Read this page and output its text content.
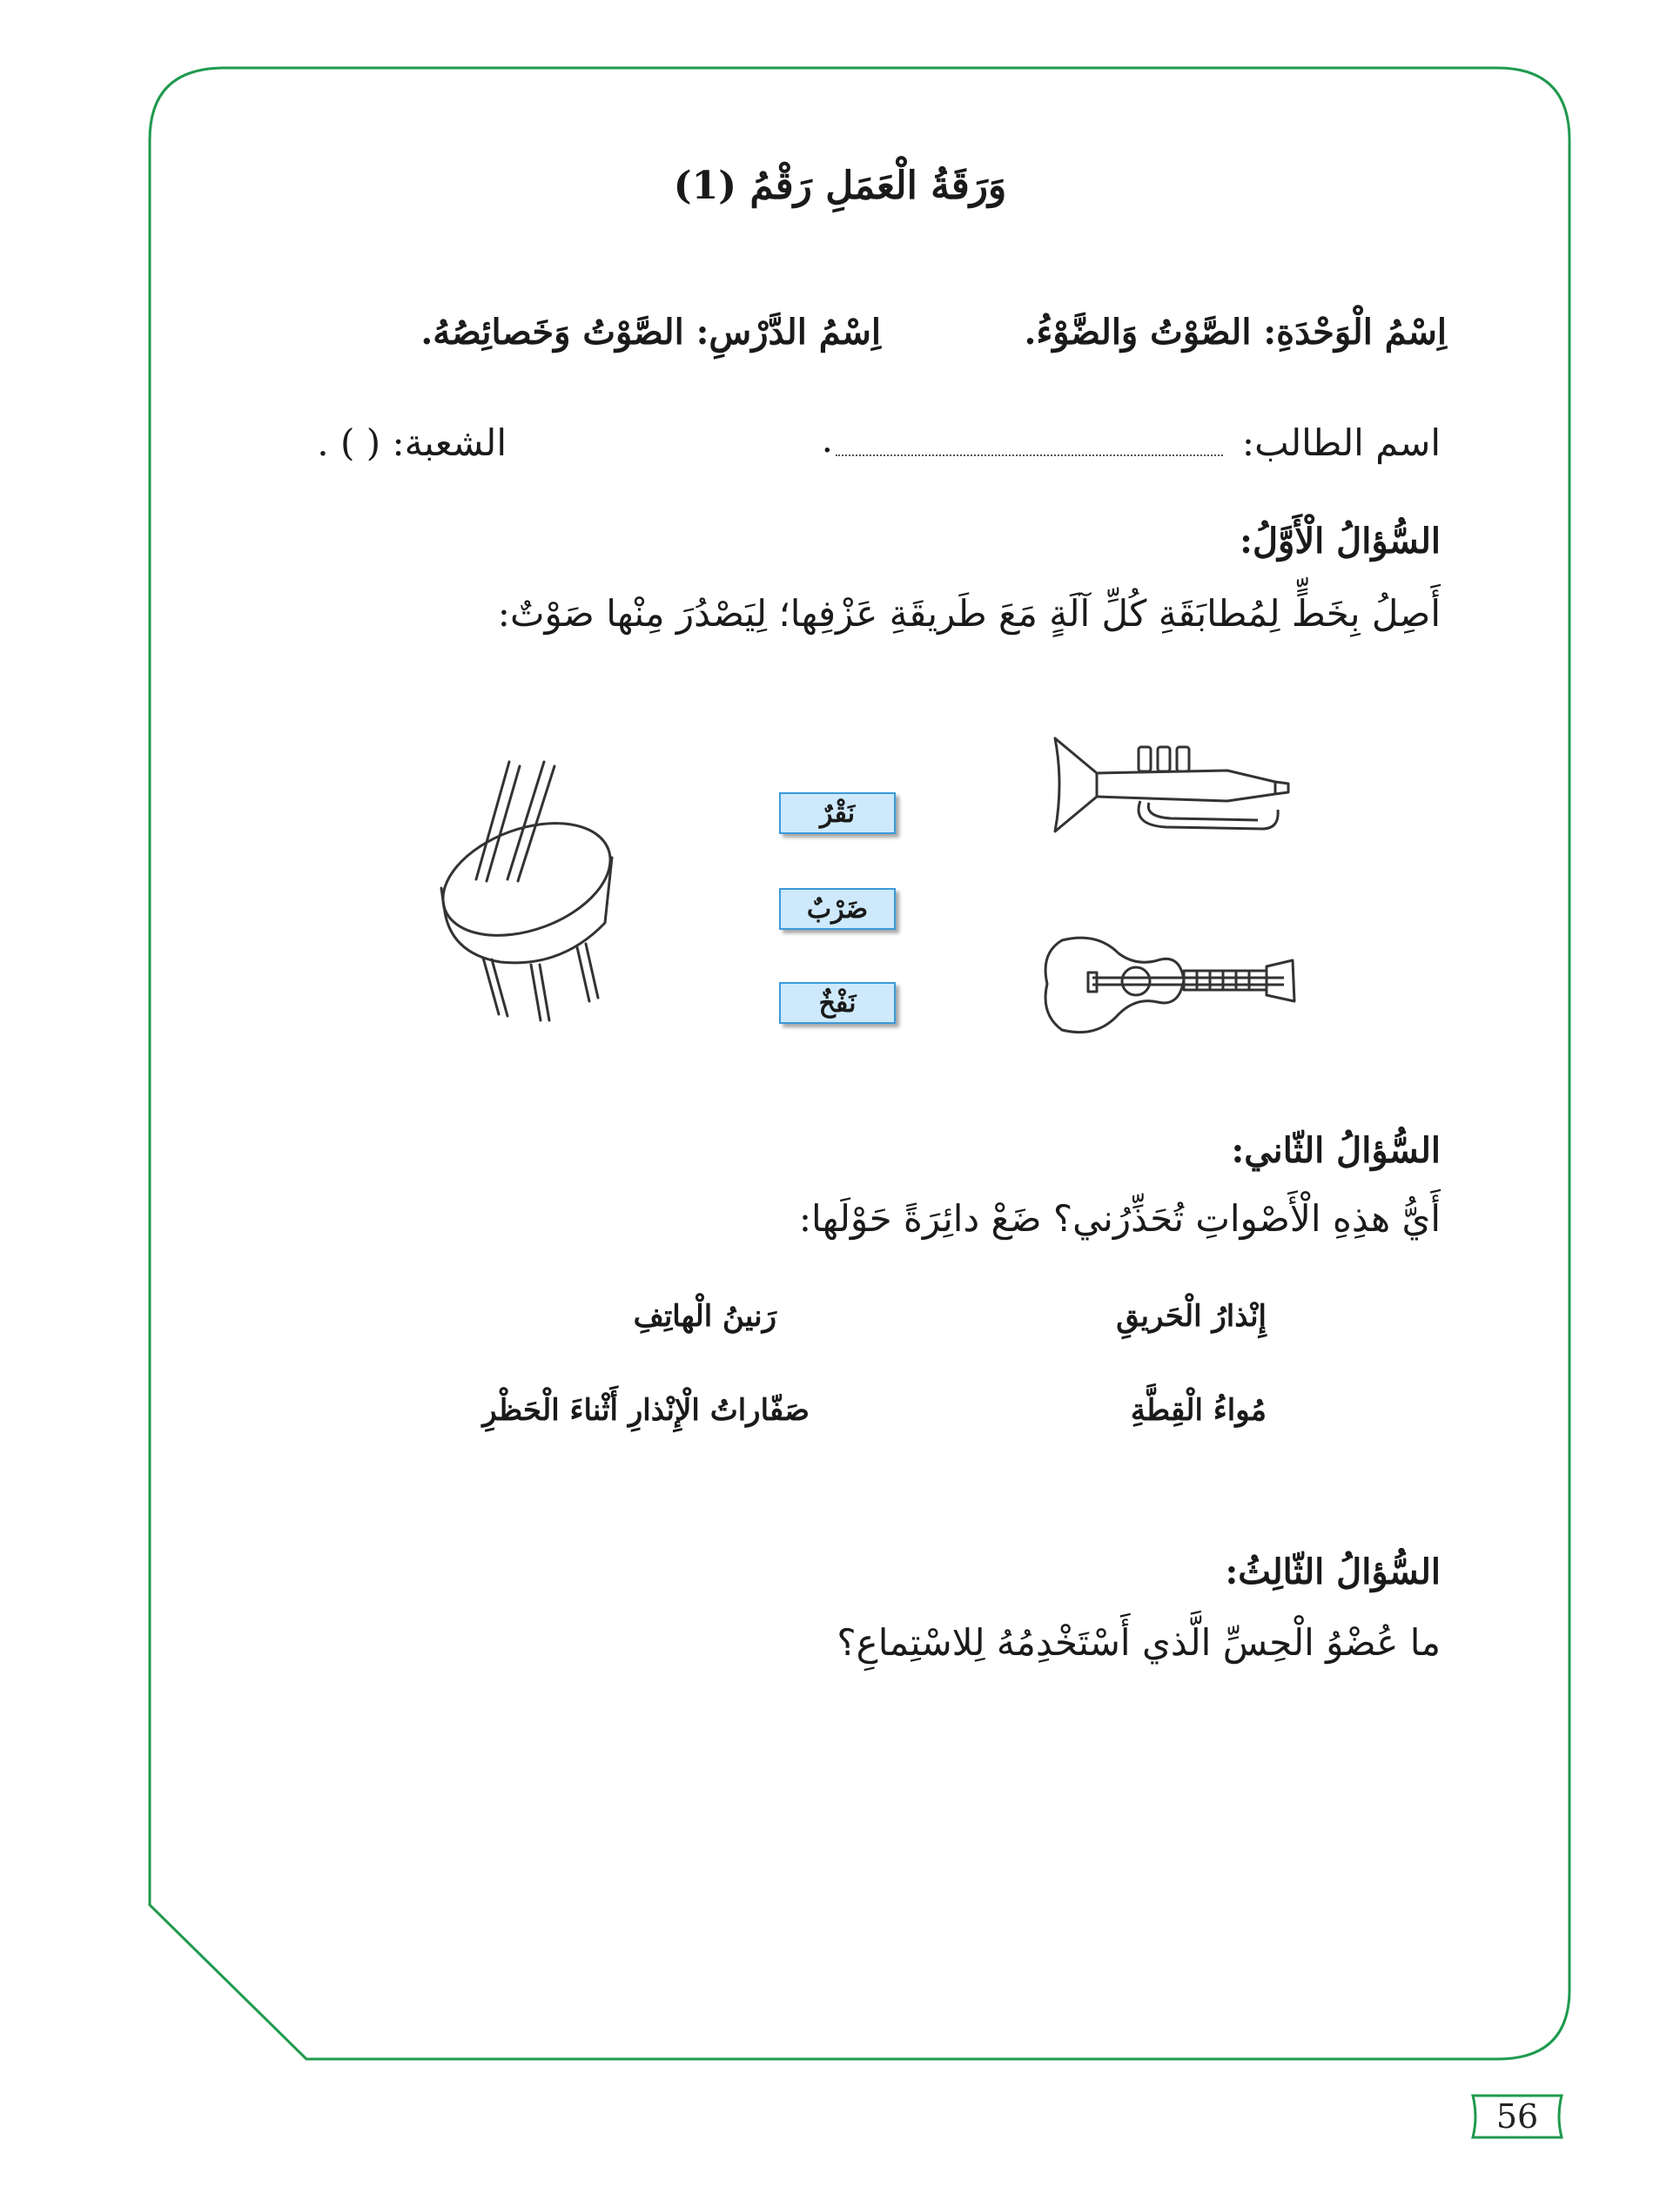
وَرَقَةُ الْعَمَلِ رَقْمُ (1)
اِسْمُ الْوَحْدَةِ: الصَّوْتُ وَالضَّوْءُ.
اِسْمُ الدَّرْسِ: الصَّوْتُ وَخَصائِصُهُ.
اسم الطالب:
.
الشعبة: ( ) .
السُّؤالُ الْأَوَّلُ:
أَصِلُ بِخَطٍّ لِمُطابَقَةِ كُلِّ آلَةٍ مَعَ طَريقَةِ عَزْفِها؛ لِيَصْدُرَ مِنْها صَوْتٌ:
نَقْرٌ
ضَرْبٌ
نَفْخٌ
السُّؤالُ الثّاني:
أَيُّ هذِهِ الْأَصْواتِ تُحَذِّرُني؟ ضَعْ دائِرَةً حَوْلَها:
إِنْذارُ الْحَريقِ
رَنينُ الْهاتِفِ
مُواءُ الْقِطَّةِ
صَفّاراتُ الْإِنْذارِ أَثْناءَ الْحَظْرِ
السُّؤالُ الثّالِثُ:
ما عُضْوُ الْحِسِّ الَّذي أَسْتَخْدِمُهُ لِلاسْتِماعِ؟
56
